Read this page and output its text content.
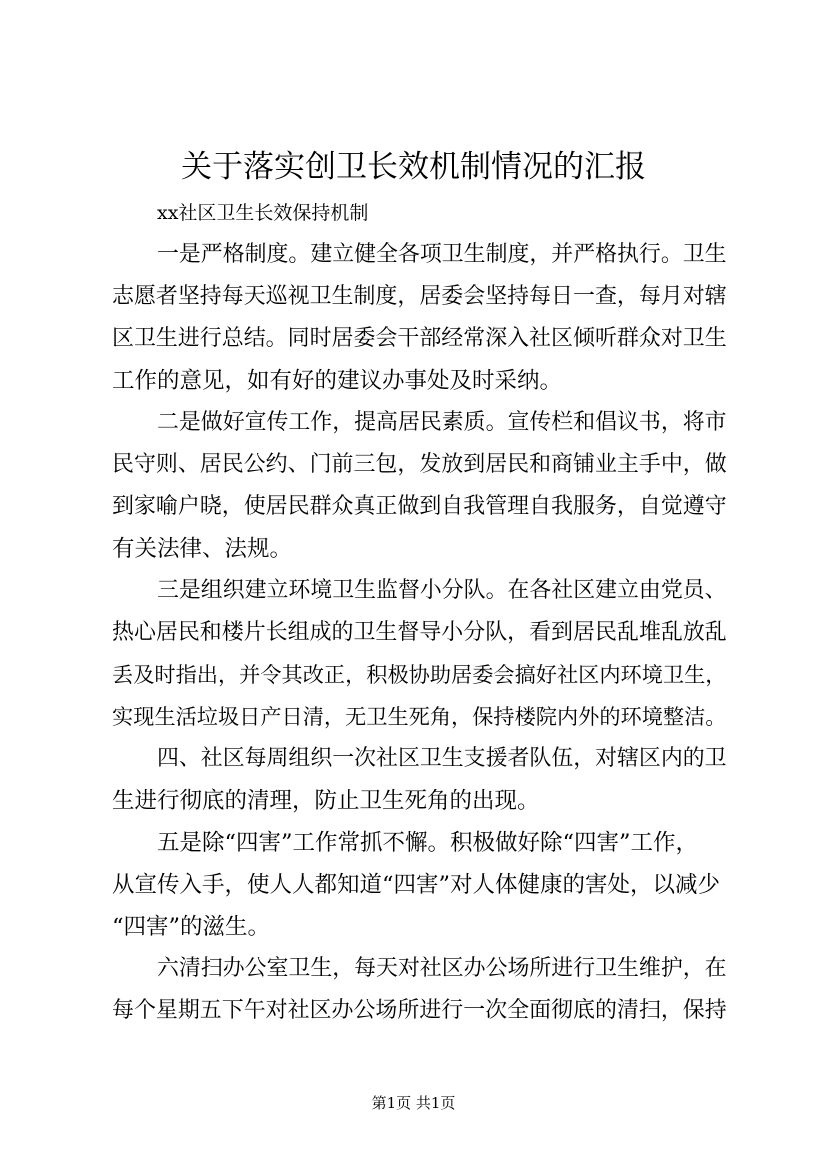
关于落实创卫长效机制情况的汇报
xx社区卫生长效保持机制
一是严格制度。建立健全各项卫生制度，并严格执行。卫生
志愿者坚持每天巡视卫生制度，居委会坚持每日一查，每月对辖
区卫生进行总结。同时居委会干部经常深入社区倾听群众对卫生
工作的意见，如有好的建议办事处及时采纳。
二是做好宣传工作，提高居民素质。宣传栏和倡议书，将市
民守则、居民公约、门前三包，发放到居民和商铺业主手中，做
到家喻户晓，使居民群众真正做到自我管理自我服务，自觉遵守
有关法律、法规。
三是组织建立环境卫生监督小分队。在各社区建立由党员、
热心居民和楼片长组成的卫生督导小分队，看到居民乱堆乱放乱
丢及时指出，并令其改正，积极协助居委会搞好社区内环境卫生，
实现生活垃圾日产日清，无卫生死角，保持楼院内外的环境整洁。
四、社区每周组织一次社区卫生支援者队伍，对辖区内的卫
生进行彻底的清理，防止卫生死角的出现。
五是除“四害”工作常抓不懈。积极做好除“四害”工作，
从宣传入手，使人人都知道“四害”对人体健康的害处，以减少
“四害”的滋生。
六清扫办公室卫生，每天对社区办公场所进行卫生维护，在
每个星期五下午对社区办公场所进行一次全面彻底的清扫，保持
第1页 共1页
